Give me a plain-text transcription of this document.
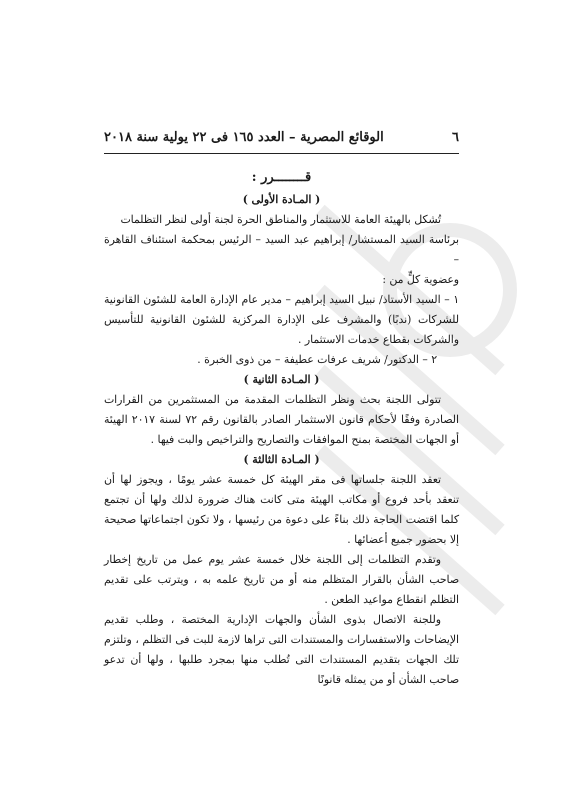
٦
الوقائع المصرية – العدد ١٦٥ فى ٢٢ يولية سنة ٢٠١٨

قــــــــرر :

( المـادة الأولى )

تُشكل بالهيئة العامة للاستثمار والمناطق الحرة لجنة أولى لنظر التظلمات

برئاسة السيد المستشار/ إبراهيم عبد السيد – الرئيس بمحكمة استئناف القاهرة –

وعضوية كلٍّ من :

١ – السيد الأستاذ/ نبيل السيد إبراهيم – مدير عام الإدارة العامة للشئون القانونية للشركات (ندبًا) والمشرف على الإدارة المركزية للشئون القانونية للتأسيس والشركات بقطاع خدمات الاستثمار .

٢ – الدكتور/ شريف عرفات عطيفة – من ذوى الخبرة .

( المـادة الثانية )

تتولى اللجنة بحث ونظر التظلمات المقدمة من المستثمرين من القرارات الصادرة وفقًا لأحكام قانون الاستثمار الصادر بالقانون رقم ٧٢ لسنة ٢٠١٧ الهيئة أو الجهات المختصة بمنح الموافقات والتصاريح والتراخيص والبت فيها .

( المـادة الثالثة )

تعقد اللجنة جلساتها فى مقر الهيئة كل خمسة عشر يومًا ، ويجوز لها أن تنعقد بأحد فروع أو مكاتب الهيئة متى كانت هناك ضرورة لذلك ولها أن تجتمع كلما اقتضت الحاجة ذلك بناءً على دعوة من رئيسها ، ولا تكون اجتماعاتها صحيحة إلا بحضور جميع أعضائها .

وتقدم التظلمات إلى اللجنة خلال خمسة عشر يوم عمل من تاريخ إخطار صاحب الشأن بالقرار المتظلم منه أو من تاريخ علمه به ، ويترتب على تقديم التظلم انقطاع مواعيد الطعن .

وللجنة الاتصال بذوى الشأن والجهات الإدارية المختصة ، وطلب تقديم الإيضاحات والاستفسارات والمستندات التى تراها لازمة للبت فى التظلم ، وتلتزم تلك الجهات بتقديم المستندات التى تُطلب منها بمجرد طلبها ، ولها أن تدعو صاحب الشأن أو من يمثله قانونًا
